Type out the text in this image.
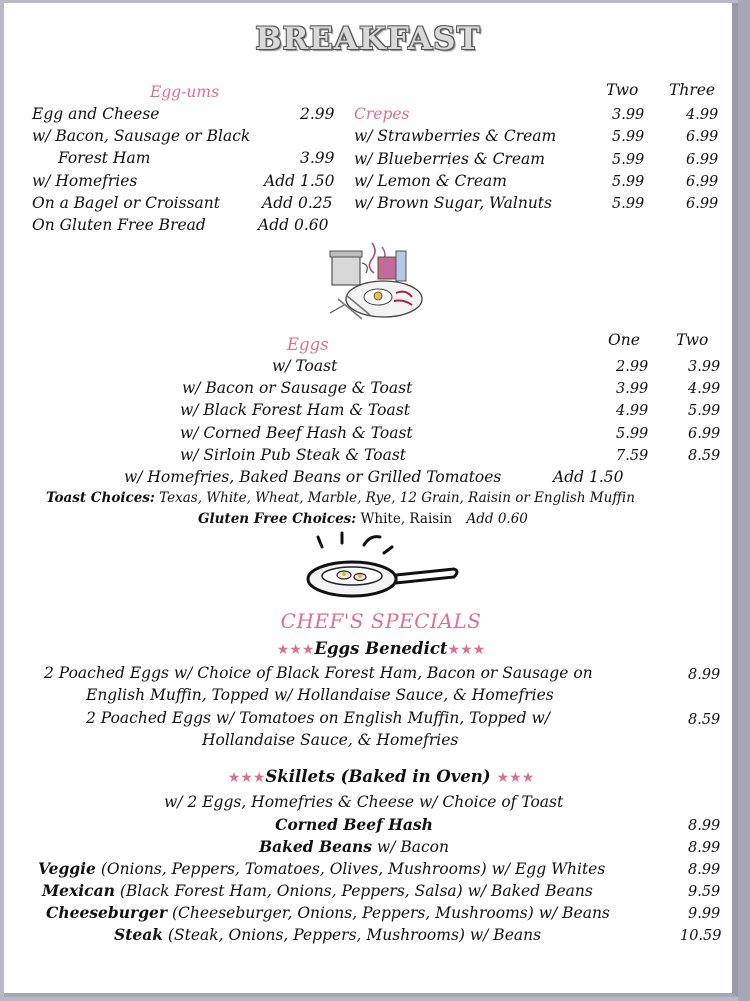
BREAKFAST
Egg-ums
Egg and Cheese	2.99
w/ Bacon, Sausage or Black
Forest Ham	3.99
w/ Homefries	Add 1.50
On a Bagel or Croissant	Add 0.25
On Gluten Free Bread	Add 0.60
Two Three
Crepes	3.99	4.99
w/ Strawberries & Cream	5.99	6.99
w/ Blueberries & Cream	5.99	6.99
w/ Lemon & Cream	5.99	6.99
w/ Brown Sugar, Walnuts	5.99	6.99
Eggs	One Two
w/ Toast	2.99	3.99
w/ Bacon or Sausage & Toast	3.99	4.99
w/ Black Forest Ham & Toast	4.99	5.99
w/ Corned Beef Hash & Toast	5.99	6.99
w/ Sirloin Pub Steak & Toast	7.59	8.59
w/ Homefries, Baked Beans or Grilled Tomatoes	Add 1.50
Toast Choices: Texas, White, Wheat, Marble, Rye, 12 Grain, Raisin or English Muffin
Gluten Free Choices: White, Raisin Add 0.60
CHEF'S SPECIALS
★★★Eggs Benedict★★★
2 Poached Eggs w/ Choice of Black Forest Ham, Bacon or Sausage on
English Muffin, Topped w/ Hollandaise Sauce, & Homefries
8.99
2 Poached Eggs w/ Tomatoes on English Muffin, Topped w/
Hollandaise Sauce, & Homefries
8.59
★★★Skillets (Baked in Oven) ★★★
w/ 2 Eggs, Homefries & Cheese w/ Choice of Toast
Corned Beef Hash	8.99
Baked Beans w/ Bacon	8.99
Veggie (Onions, Peppers, Tomatoes, Olives, Mushrooms) w/ Egg Whites	8.99
Mexican (Black Forest Ham, Onions, Peppers, Salsa) w/ Baked Beans	9.59
Cheeseburger (Cheeseburger, Onions, Peppers, Mushrooms) w/ Beans	9.99
Steak (Steak, Onions, Peppers, Mushrooms) w/ Beans	10.59
